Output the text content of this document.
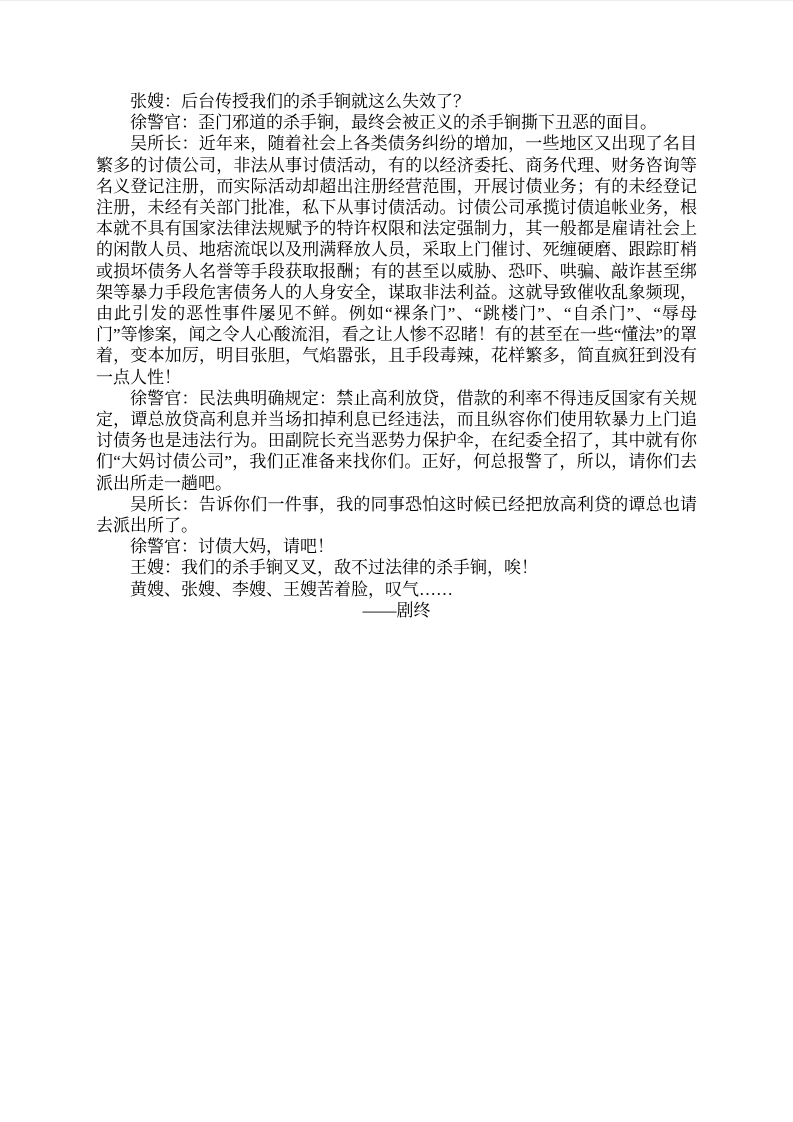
张嫂：后台传授我们的杀手锏就这么失效了？

徐警官：歪门邪道的杀手锏，最终会被正义的杀手锏撕下丑恶的面目。

吴所长：近年来，随着社会上各类债务纠纷的增加，一些地区又出现了名目繁多的讨债公司，非法从事讨债活动，有的以经济委托、商务代理、财务咨询等名义登记注册，而实际活动却超出注册经营范围，开展讨债业务；有的未经登记注册，未经有关部门批准，私下从事讨债活动。讨债公司承揽讨债追帐业务，根本就不具有国家法律法规赋予的特许权限和法定强制力，其一般都是雇请社会上的闲散人员、地痞流氓以及刑满释放人员，采取上门催讨、死缠硬磨、跟踪盯梢或损坏债务人名誉等手段获取报酬；有的甚至以威胁、恐吓、哄骗、敲诈甚至绑架等暴力手段危害债务人的人身安全，谋取非法利益。这就导致催收乱象频现，由此引发的恶性事件屡见不鲜。例如“裸条门”、“跳楼门”、“自杀门”、“辱母门”等惨案，闻之令人心酸流泪，看之让人惨不忍睹！有的甚至在一些“懂法”的罩着，变本加厉，明目张胆，气焰嚣张，且手段毒辣，花样繁多，简直疯狂到没有一点人性！

徐警官：民法典明确规定：禁止高利放贷，借款的利率不得违反国家有关规定，谭总放贷高利息并当场扣掉利息已经违法，而且纵容你们使用软暴力上门追讨债务也是违法行为。田副院长充当恶势力保护伞，在纪委全招了，其中就有你们“大妈讨债公司”，我们正准备来找你们。正好，何总报警了，所以，请你们去派出所走一趟吧。

吴所长：告诉你们一件事，我的同事恐怕这时候已经把放高利贷的谭总也请去派出所了。

徐警官：讨债大妈，请吧！

王嫂：我们的杀手锏叉叉，敌不过法律的杀手锏，唉！

黄嫂、张嫂、李嫂、王嫂苦着脸，叹气……

——剧终
